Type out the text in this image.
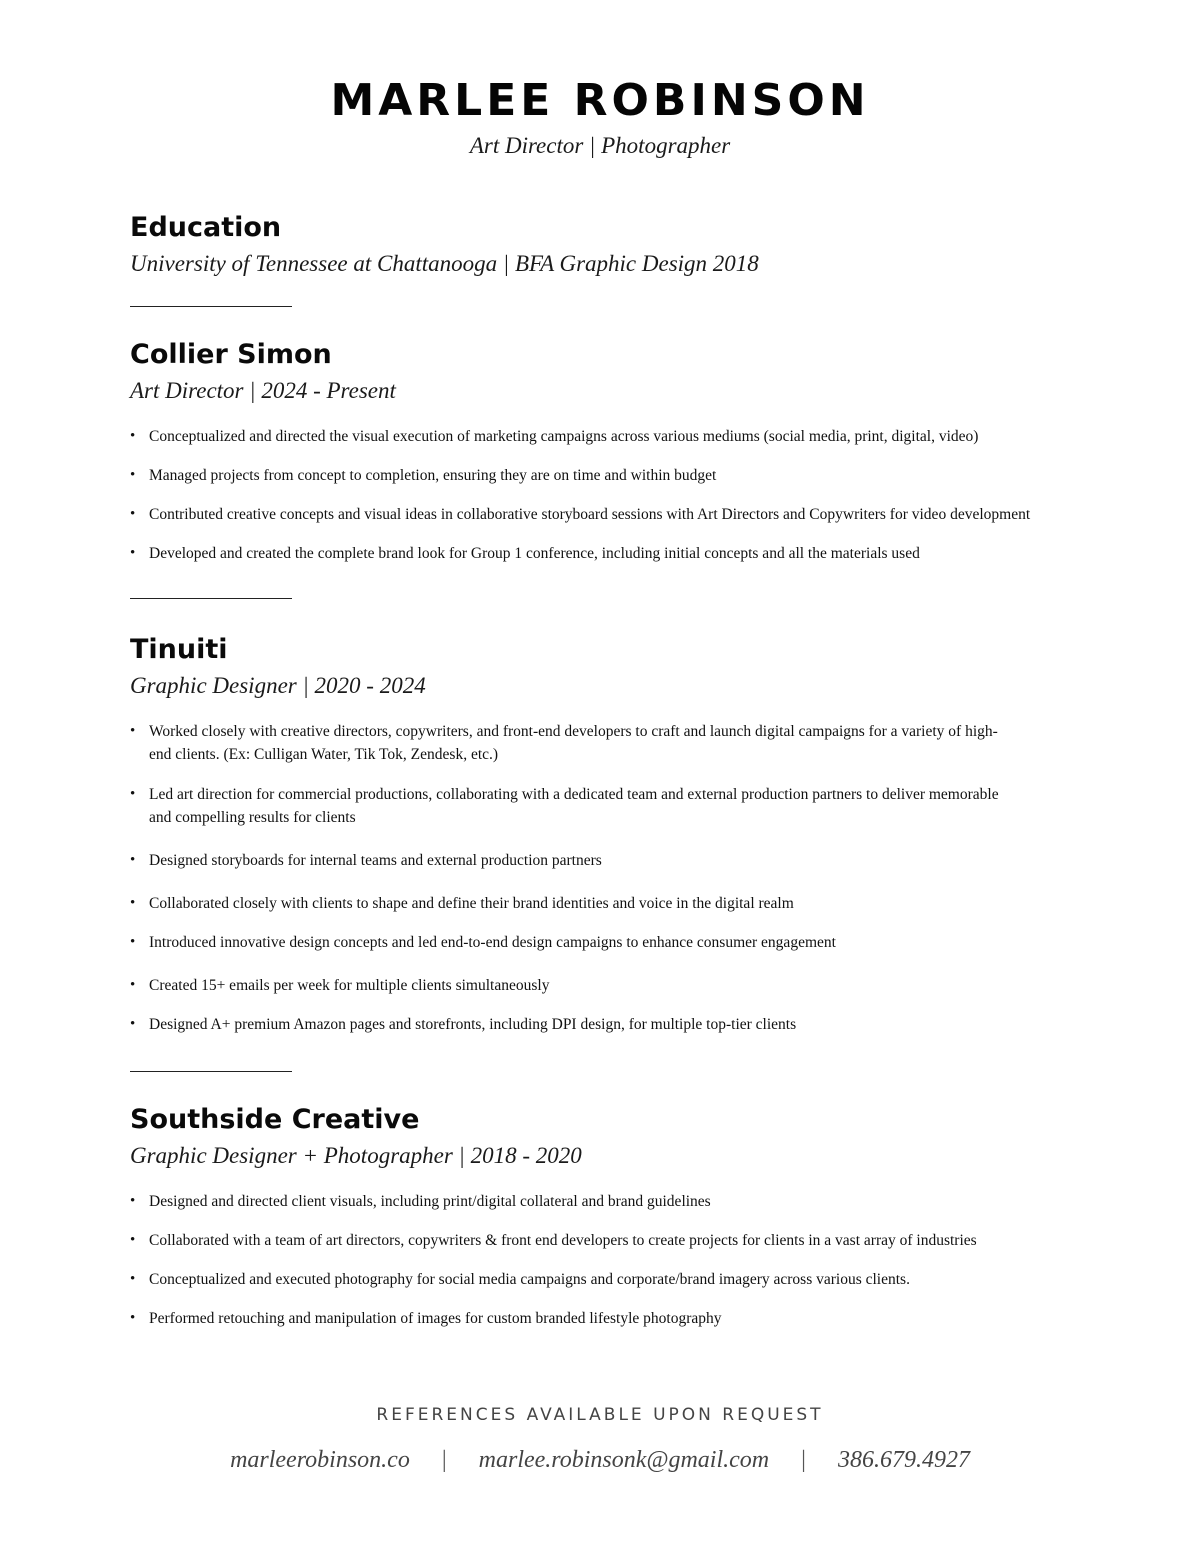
MARLEE ROBINSON
Art Director | Photographer
Education
University of Tennessee at Chattanooga | BFA Graphic Design 2018
Collier Simon
Art Director | 2024 - Present
• Conceptualized and directed the visual execution of marketing campaigns across various mediums (social media, print, digital, video)
• Managed projects from concept to completion, ensuring they are on time and within budget
• Contributed creative concepts and visual ideas in collaborative storyboard sessions with Art Directors and Copywriters for video development
• Developed and created the complete brand look for Group 1 conference, including initial concepts and all the materials used
Tinuiti
Graphic Designer | 2020 - 2024
• Worked closely with creative directors, copywriters, and front-end developers to craft and launch digital campaigns for a variety of high-end clients. (Ex: Culligan Water, Tik Tok, Zendesk, etc.)
• Led art direction for commercial productions, collaborating with a dedicated team and external production partners to deliver memorable and compelling results for clients
• Designed storyboards for internal teams and external production partners
• Collaborated closely with clients to shape and define their brand identities and voice in the digital realm
• Introduced innovative design concepts and led end-to-end design campaigns to enhance consumer engagement
• Created 15+ emails per week for multiple clients simultaneously
• Designed A+ premium Amazon pages and storefronts, including DPI design, for multiple top-tier clients
Southside Creative
Graphic Designer + Photographer | 2018 - 2020
• Designed and directed client visuals, including print/digital collateral and brand guidelines
• Collaborated with a team of art directors, copywriters & front end developers to create projects for clients in a vast array of industries
• Conceptualized and executed photography for social media campaigns and corporate/brand imagery across various clients.
• Performed retouching and manipulation of images for custom branded lifestyle photography
REFERENCES AVAILABLE UPON REQUEST
marleerobinson.co | marlee.robinsonk@gmail.com | 386.679.4927
